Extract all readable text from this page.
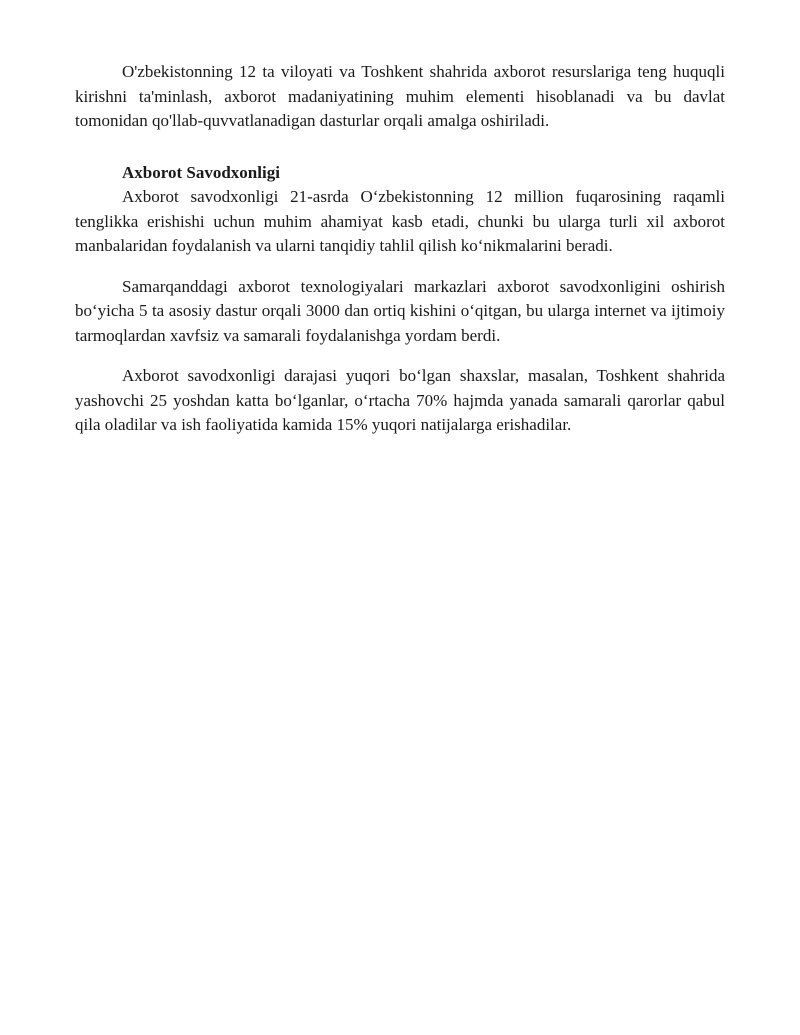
O'zbekistonning 12 ta viloyati va Toshkent shahrida axborot resurslariga teng huquqli kirishni ta'minlash, axborot madaniyatining muhim elementi hisoblanadi va bu davlat tomonidan qo'llab-quvvatlanadigan dasturlar orqali amalga oshiriladi.

Axborot Savodxonligi

Axborot savodxonligi 21-asrda O‘zbekistonning 12 million fuqarosining raqamli tenglikka erishishi uchun muhim ahamiyat kasb etadi, chunki bu ularga turli xil axborot manbalaridan foydalanish va ularni tanqidiy tahlil qilish ko‘nikmalarini beradi.

Samarqanddagi axborot texnologiyalari markazlari axborot savodxonligini oshirish bo‘yicha 5 ta asosiy dastur orqali 3000 dan ortiq kishini o‘qitgan, bu ularga internet va ijtimoiy tarmoqlardan xavfsiz va samarali foydalanishga yordam berdi.

Axborot savodxonligi darajasi yuqori bo‘lgan shaxslar, masalan, Toshkent shahrida yashovchi 25 yoshdan katta bo‘lganlar, o‘rtacha 70% hajmda yanada samarali qarorlar qabul qila oladilar va ish faoliyatida kamida 15% yuqori natijalarga erishadilar.
